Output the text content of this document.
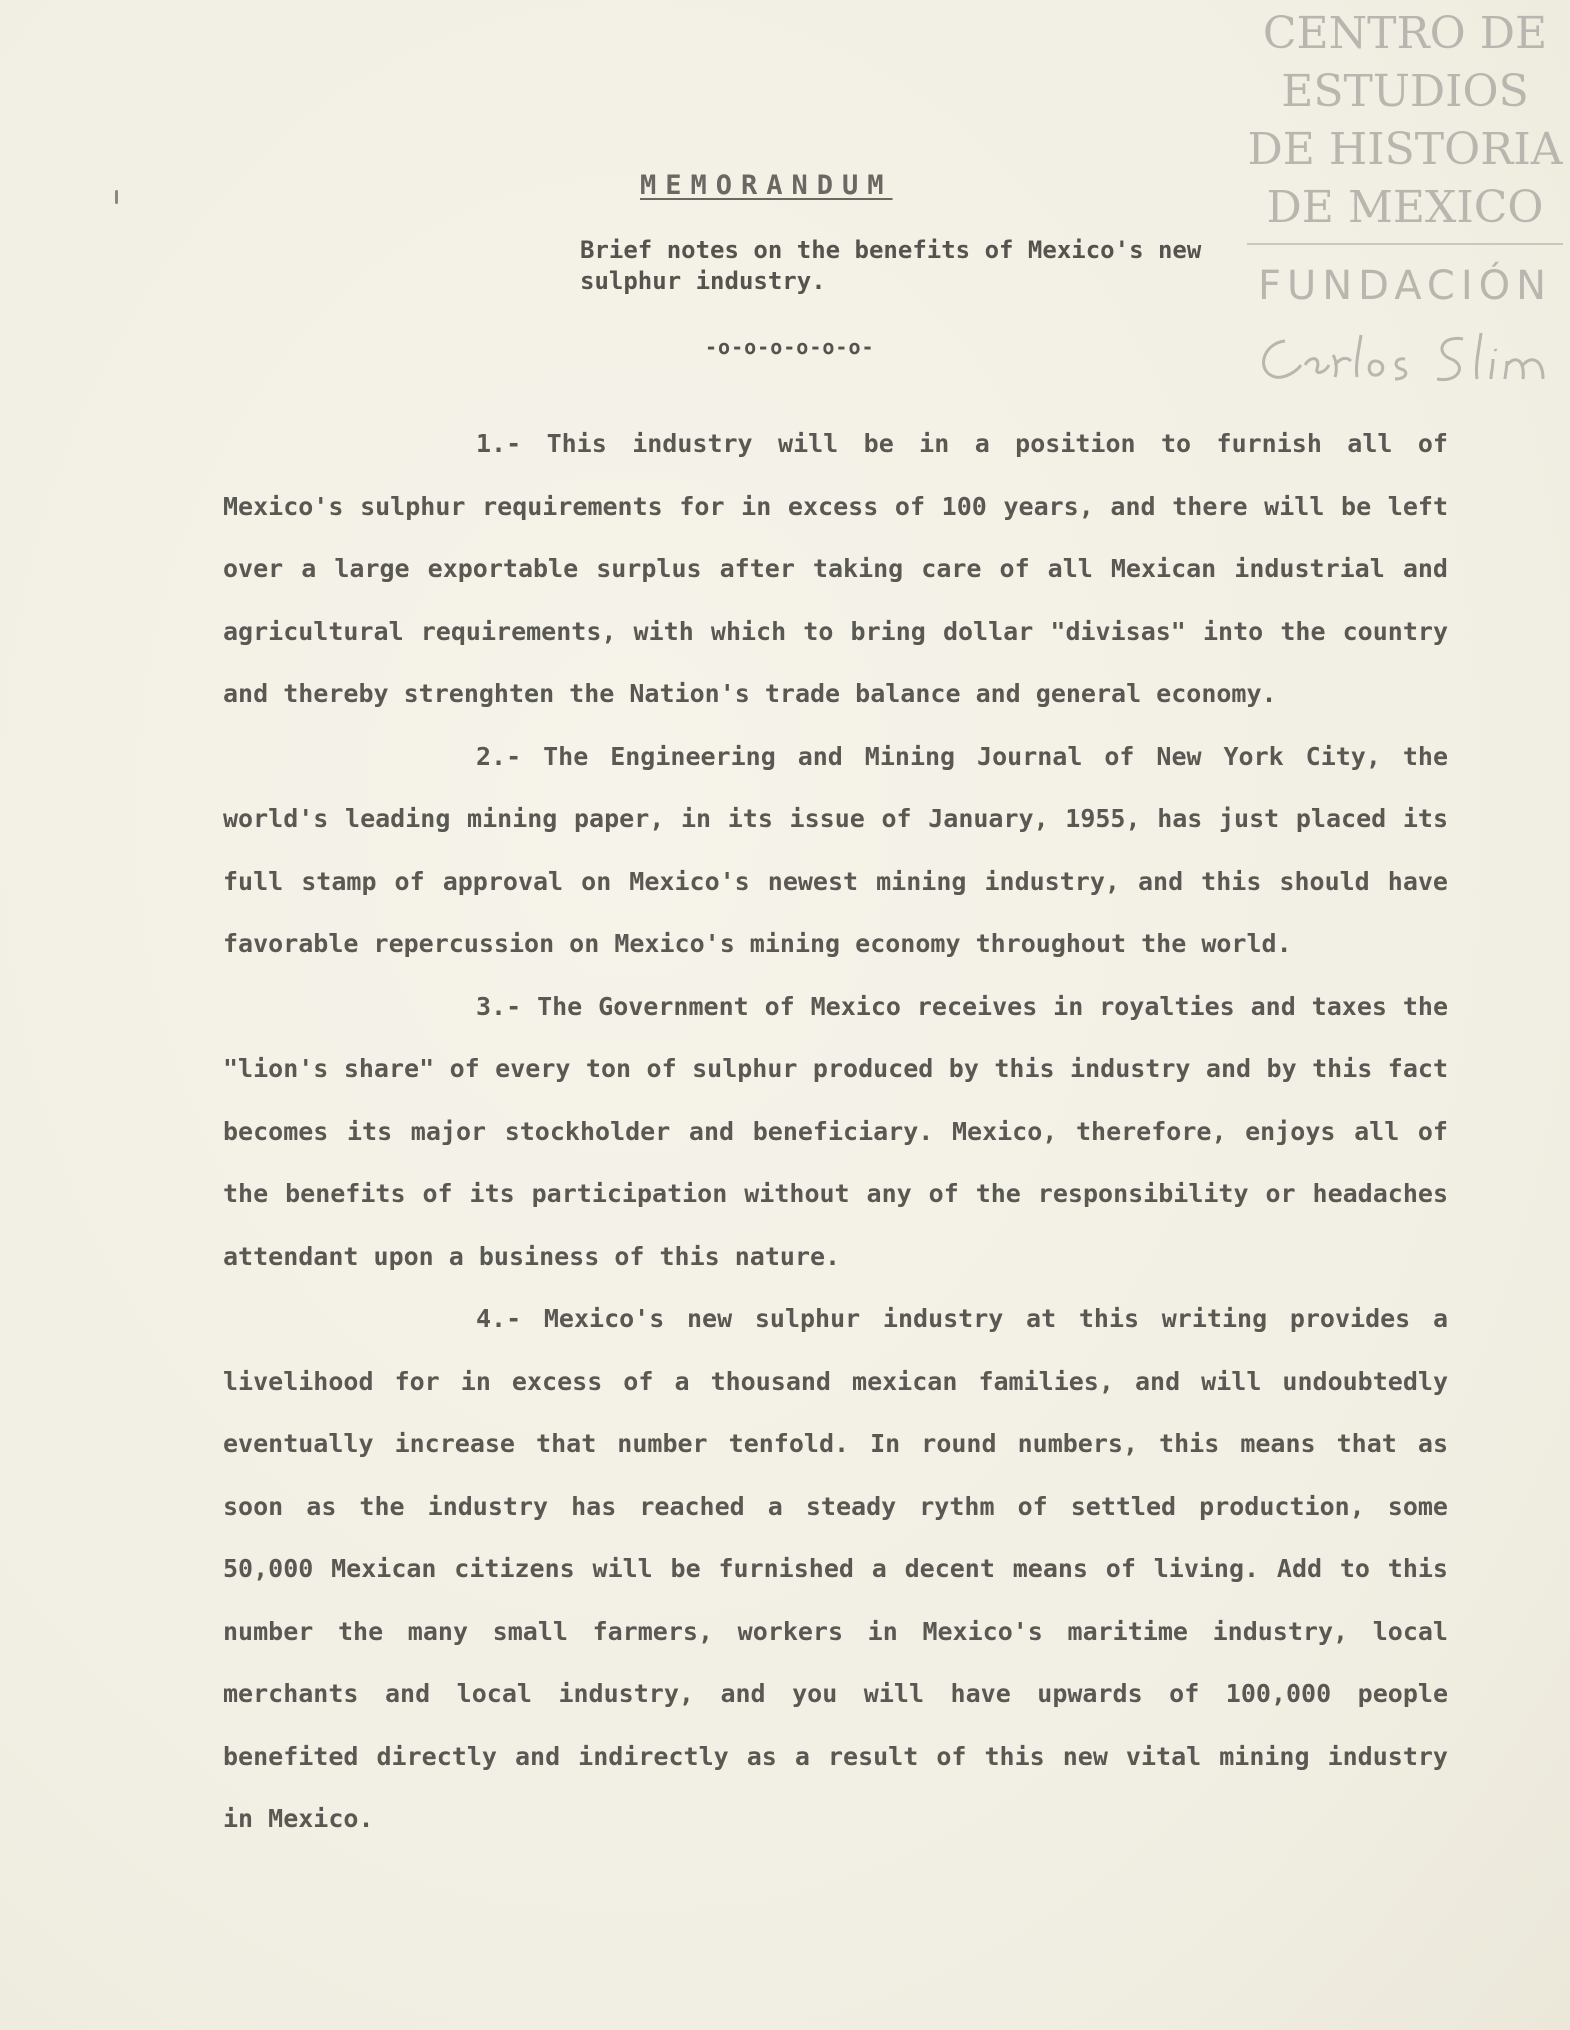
CENTRO DE
ESTUDIOS
DE HISTORIA
DE MEXICO
FUNDACIÓN
MEMORANDUM
Brief notes on the benefits of Mexico's new
sulphur industry.
-o-o-o-o-o-o-

1.- This industry will be in a position to furnish all of Mexico's sulphur requirements for in excess of 100 years, and there will be left over a large exportable surplus after taking care of all Mexican industrial and agricultural requirements, with which to bring dollar "divisas" into the country and thereby strenghten the Nation's trade balance and general economy.

2.- The Engineering and Mining Journal of New York City, the world's leading mining paper, in its issue of January, 1955, has just placed its full stamp of approval on Mexico's newest mining industry, and this should have favorable repercussion on Mexico's mining economy throughout the world.

3.- The Government of Mexico receives in royalties and taxes the "lion's share" of every ton of sulphur produced by this industry and by this fact becomes its major stockholder and beneficiary. Mexico, therefore, enjoys all of the benefits of its participation without any of the responsibility or headaches attendant upon a business of this nature.

4.- Mexico's new sulphur industry at this writing provides a livelihood for in excess of a thousand mexican families, and will undoubtedly eventually increase that number tenfold. In round numbers, this means that as soon as the industry has reached a steady rythm of settled production, some 50,000 Mexican citizens will be furnished a decent means of living. Add to this number the many small farmers, workers in Mexico's maritime industry, local merchants and local industry, and you will have upwards of 100,000 people benefited directly and indirectly as a result of this new vital mining industry in Mexico.
